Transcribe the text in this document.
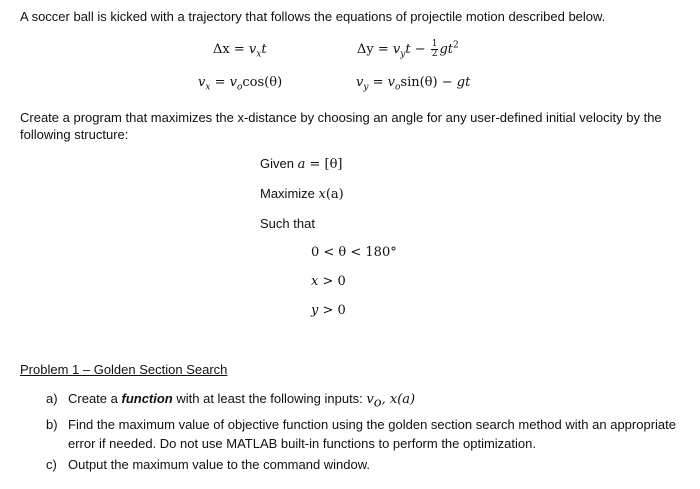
A soccer ball is kicked with a trajectory that follows the equations of projectile motion described below.
$\Delta x = v_xt$	$\Delta y = v_yt - \frac{1}{2} gt^2$
$v_x = v_o\cos(\theta)$	$v_y = v_o\sin(\theta)$ − gt
Create a program that maximizes the x-distance by choosing an angle for any user-defined initial velocity by the following structure:
Given a = [θ]
Maximize x(a)
Such that
0 < θ < 180°
x > 0
y > 0
Problem 1 – Golden Section Search
a) Create a function with at least the following inputs: $v_o$, x(a)
b) Find the maximum value of objective function using the golden section search method with an appropriate error if needed. Do not use MATLAB built-in functions to perform the optimization.
c) Output the maximum value to the command window.
